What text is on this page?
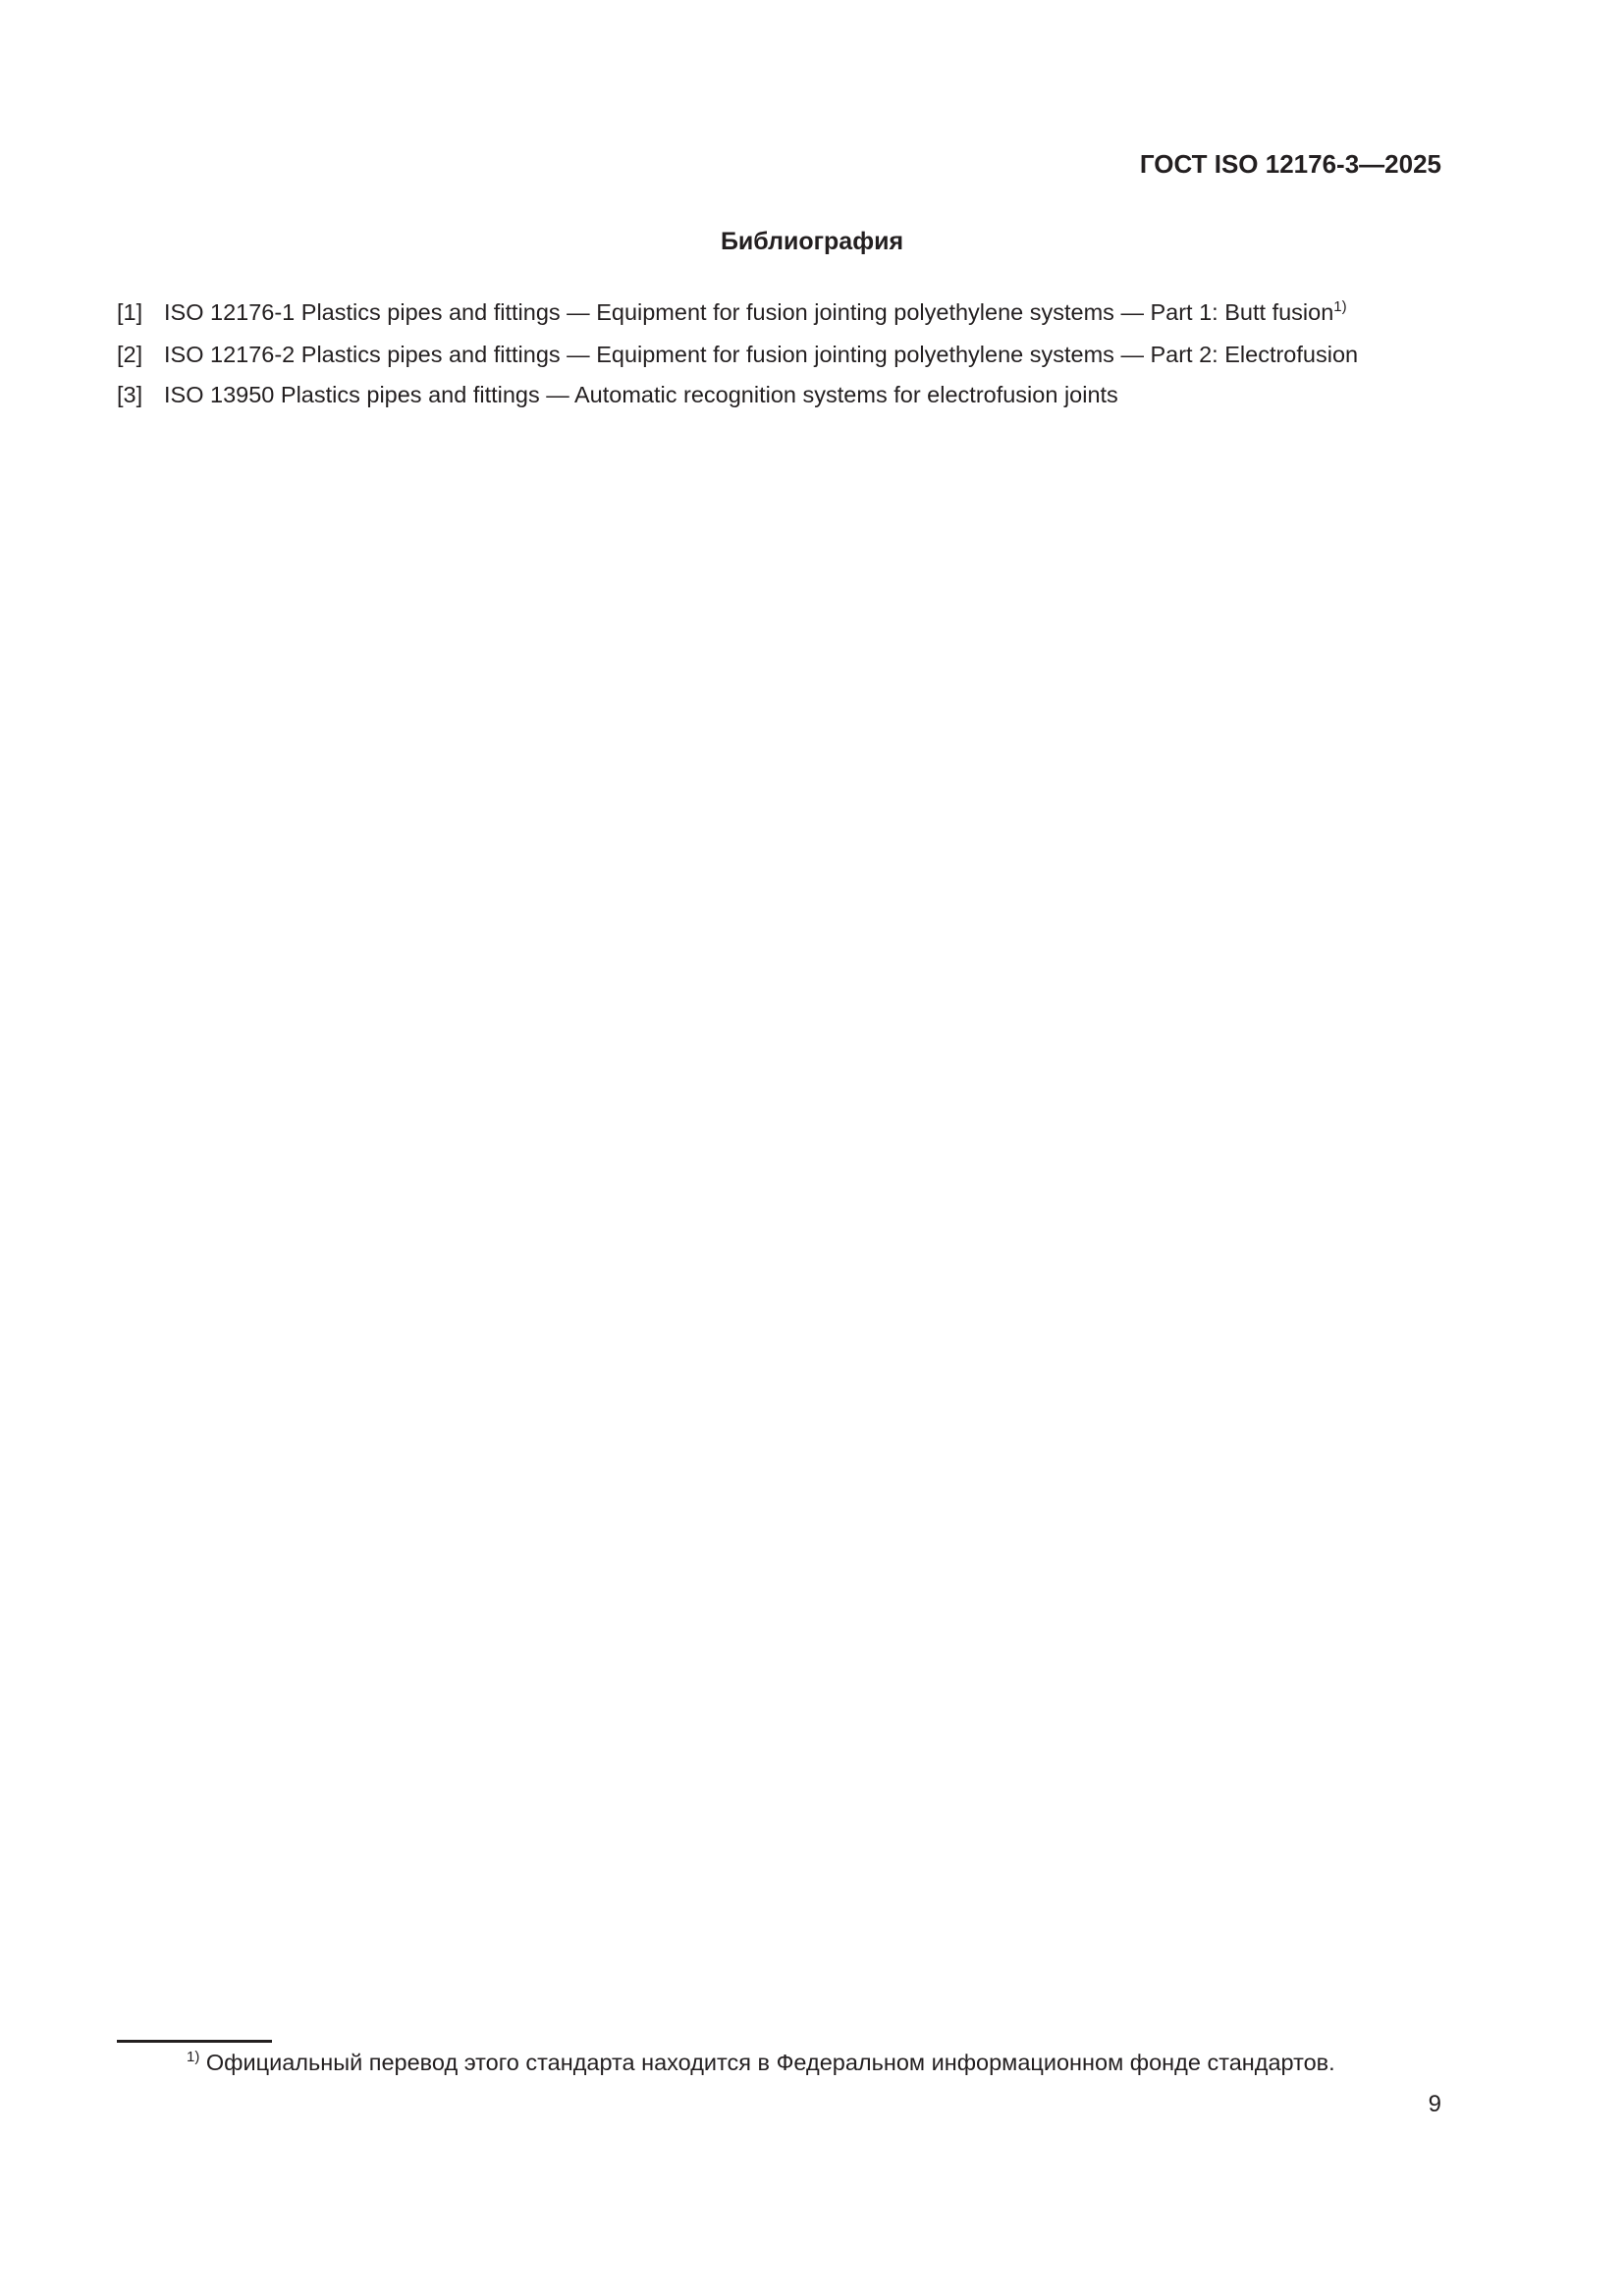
ГОСТ ISO 12176-3—2025
Библиография
[1] ISO 12176-1 Plastics pipes and fittings — Equipment for fusion jointing polyethylene systems — Part 1: Butt fusion$^{1)}$
[2] ISO 12176-2 Plastics pipes and fittings — Equipment for fusion jointing polyethylene systems — Part 2: Electrofusion
[3] ISO 13950 Plastics pipes and fittings — Automatic recognition systems for electrofusion joints
$^{1)}$ Официальный перевод этого стандарта находится в Федеральном информационном фонде стандартов.
9
